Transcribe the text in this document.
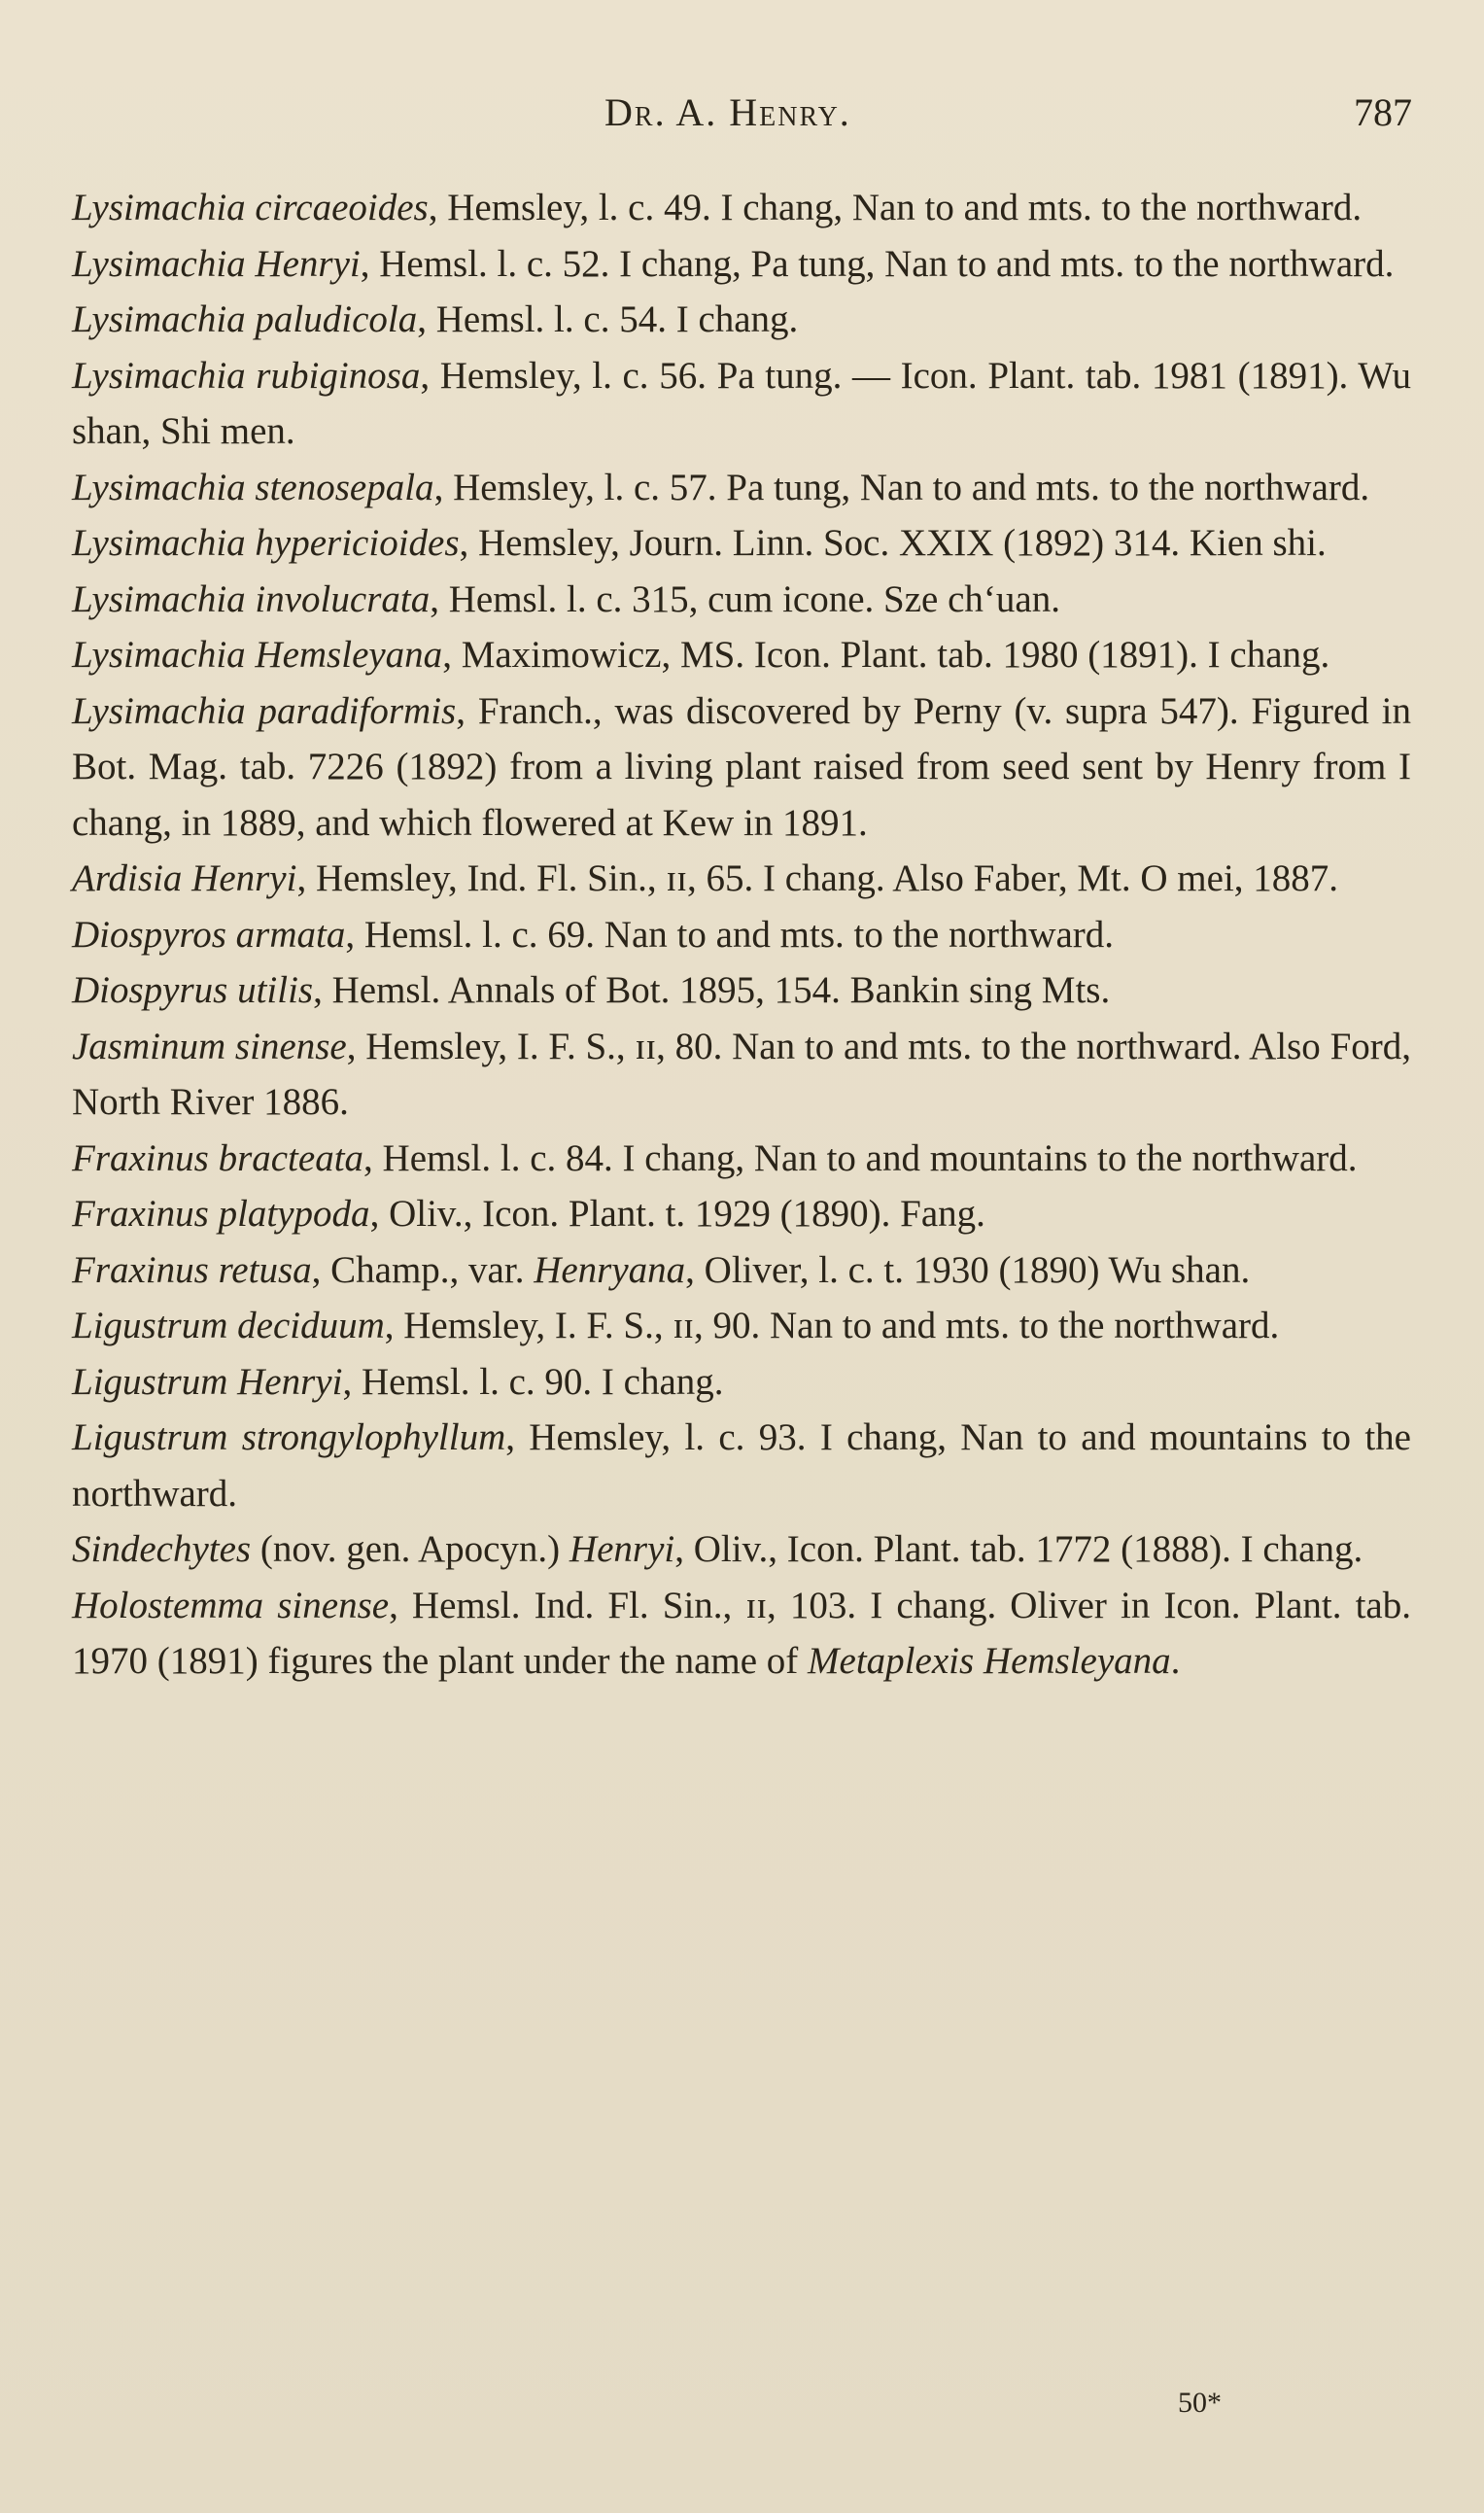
Dr. A. Henry.	787

Lysimachia circaeoides, Hemsley, l. c. 49. I chang, Nan to and mts. to the northward.

Lysimachia Henryi, Hemsl. l. c. 52. I chang, Pa tung, Nan to and mts. to the northward.

Lysimachia paludicola, Hemsl. l. c. 54. I chang.

Lysimachia rubiginosa, Hemsley, l. c. 56. Pa tung. — Icon. Plant. tab. 1981 (1891). Wu shan, Shi men.

Lysimachia stenosepala, Hemsley, l. c. 57. Pa tung, Nan to and mts. to the northward.

Lysimachia hypericioides, Hemsley, Journ. Linn. Soc. XXIX (1892) 314. Kien shi.

Lysimachia involucrata, Hemsl. l. c. 315, cum icone. Sze chʻuan.

Lysimachia Hemsleyana, Maximowicz, MS. Icon. Plant. tab. 1980 (1891). I chang.

Lysimachia paradiformis, Franch., was discovered by Perny (v. supra 547). Figured in Bot. Mag. tab. 7226 (1892) from a living plant raised from seed sent by Henry from I chang, in 1889, and which flowered at Kew in 1891.

Ardisia Henryi, Hemsley, Ind. Fl. Sin., ɪɪ, 65. I chang. Also Faber, Mt. O mei, 1887.

Diospyros armata, Hemsl. l. c. 69. Nan to and mts. to the northward.

Diospyrus utilis, Hemsl. Annals of Bot. 1895, 154. Bankin sing Mts.

Jasminum sinense, Hemsley, I. F. S., ɪɪ, 80. Nan to and mts. to the northward. Also Ford, North River 1886.

Fraxinus bracteata, Hemsl. l. c. 84. I chang, Nan to and mountains to the northward.

Fraxinus platypoda, Oliv., Icon. Plant. t. 1929 (1890). Fang.

Fraxinus retusa, Champ., var. Henryana, Oliver, l. c. t. 1930 (1890) Wu shan.

Ligustrum deciduum, Hemsley, I. F. S., ɪɪ, 90. Nan to and mts. to the northward.

Ligustrum Henryi, Hemsl. l. c. 90. I chang.

Ligustrum strongylophyllum, Hemsley, l. c. 93. I chang, Nan to and mountains to the northward.

Sindechytes (nov. gen. Apocyn.) Henryi, Oliv., Icon. Plant. tab. 1772 (1888). I chang.

Holostemma sinense, Hemsl. Ind. Fl. Sin., ɪɪ, 103. I chang. Oliver in Icon. Plant. tab. 1970 (1891) figures the plant under the name of Metaplexis Hemsleyana.

50*
